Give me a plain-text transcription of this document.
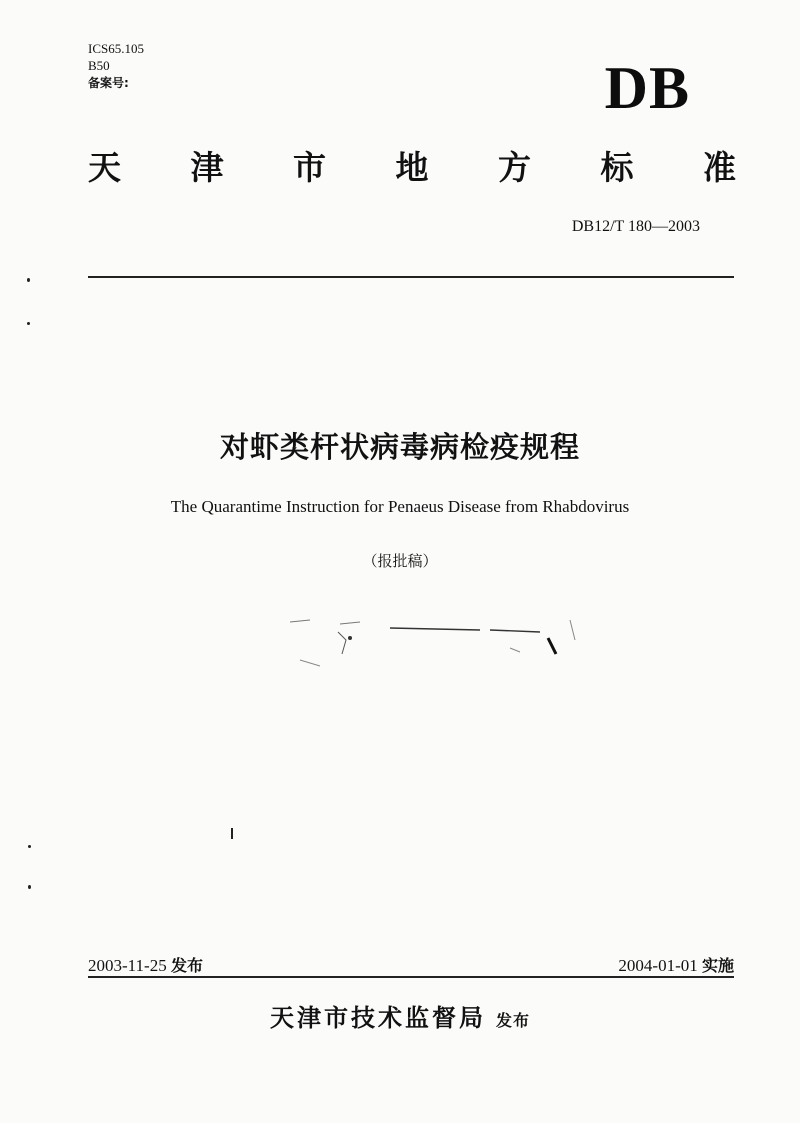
ICS65.105
B50
备案号:	DB
天 津 市 地 方 标 准
DB12/T 180—2003
对虾类杆状病毒病检疫规程
The Quarantime Instruction for Penaeus Disease from Rhabdovirus
（报批稿）
2003-11-25 发布	2004-01-01 实施
天津市技术监督局 发布
